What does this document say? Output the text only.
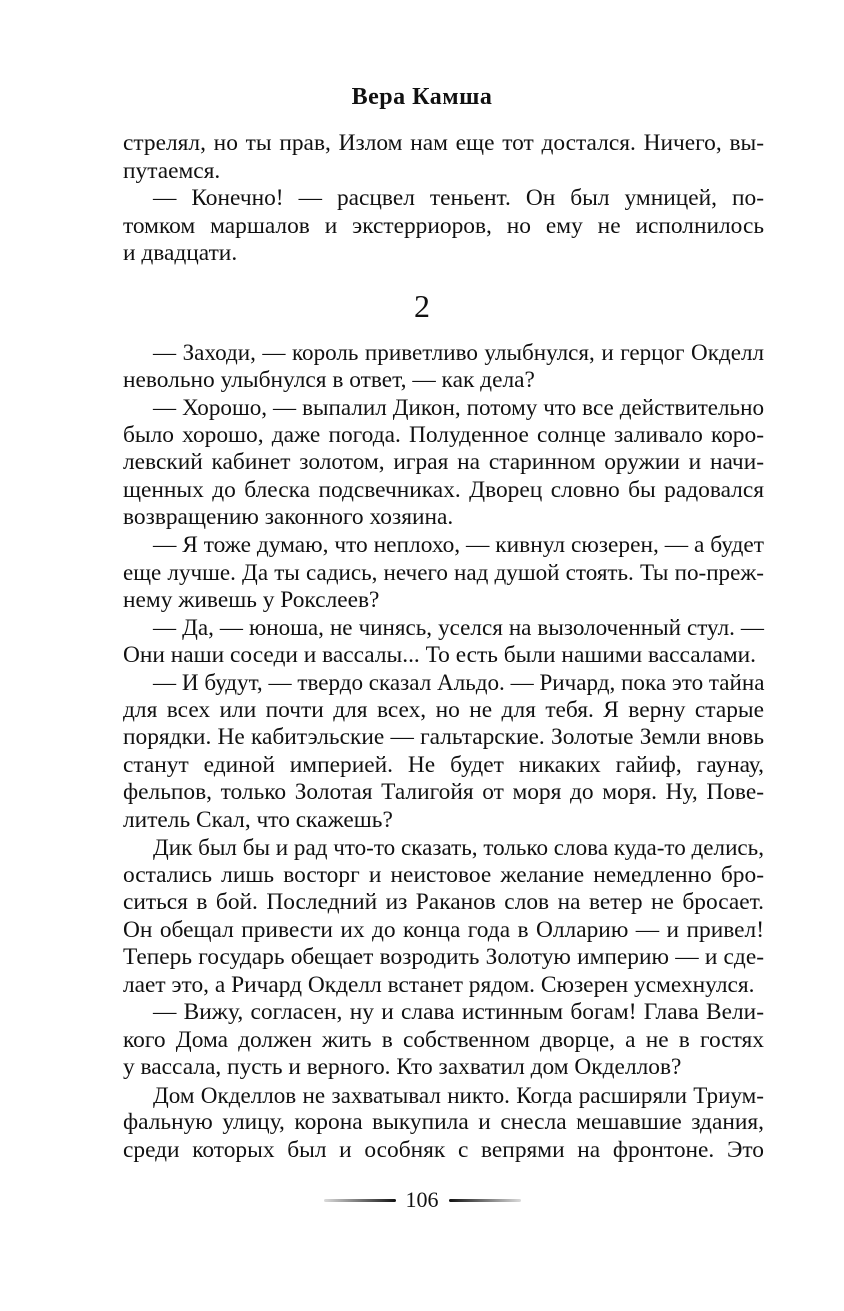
Вера Камша
стрелял, но ты прав, Излом нам еще тот достался. Ничего, вы-
путаемся.
— Конечно! — расцвел теньент. Он был умницей, по-
томком маршалов и экстерриоров, но ему не исполнилось
и двадцати.
2
— Заходи, — король приветливо улыбнулся, и герцог Окделл
невольно улыбнулся в ответ, — как дела?
— Хорошо, — выпалил Дикон, потому что все действительно
было хорошо, даже погода. Полуденное солнце заливало коро-
левский кабинет золотом, играя на старинном оружии и начи-
щенных до блеска подсвечниках. Дворец словно бы радовался
возвращению законного хозяина.
— Я тоже думаю, что неплохо, — кивнул сюзерен, — а будет
еще лучше. Да ты садись, нечего над душой стоять. Ты по-преж-
нему живешь у Рокслеев?
— Да, — юноша, не чинясь, уселся на вызолоченный стул. —
Они наши соседи и вассалы... То есть были нашими вассалами.
— И будут, — твердо сказал Альдо. — Ричард, пока это тайна
для всех или почти для всех, но не для тебя. Я верну старые
порядки. Не кабитэльские — гальтарские. Золотые Земли вновь
станут единой империей. Не будет никаких гайиф, гаунау,
фельпов, только Золотая Талигойя от моря до моря. Ну, Пове-
литель Скал, что скажешь?
Дик был бы и рад что-то сказать, только слова куда-то делись,
остались лишь восторг и неистовое желание немедленно бро-
ситься в бой. Последний из Раканов слов на ветер не бросает.
Он обещал привести их до конца года в Олларию — и привел!
Теперь государь обещает возродить Золотую империю — и сде-
лает это, а Ричард Окделл встанет рядом. Сюзерен усмехнулся.
— Вижу, согласен, ну и слава истинным богам! Глава Вели-
кого Дома должен жить в собственном дворце, а не в гостях
у вассала, пусть и верного. Кто захватил дом Окделлов?
Дом Окделлов не захватывал никто. Когда расширяли Триум-
фальную улицу, корона выкупила и снесла мешавшие здания,
среди которых был и особняк с вепрями на фронтоне. Это
106
